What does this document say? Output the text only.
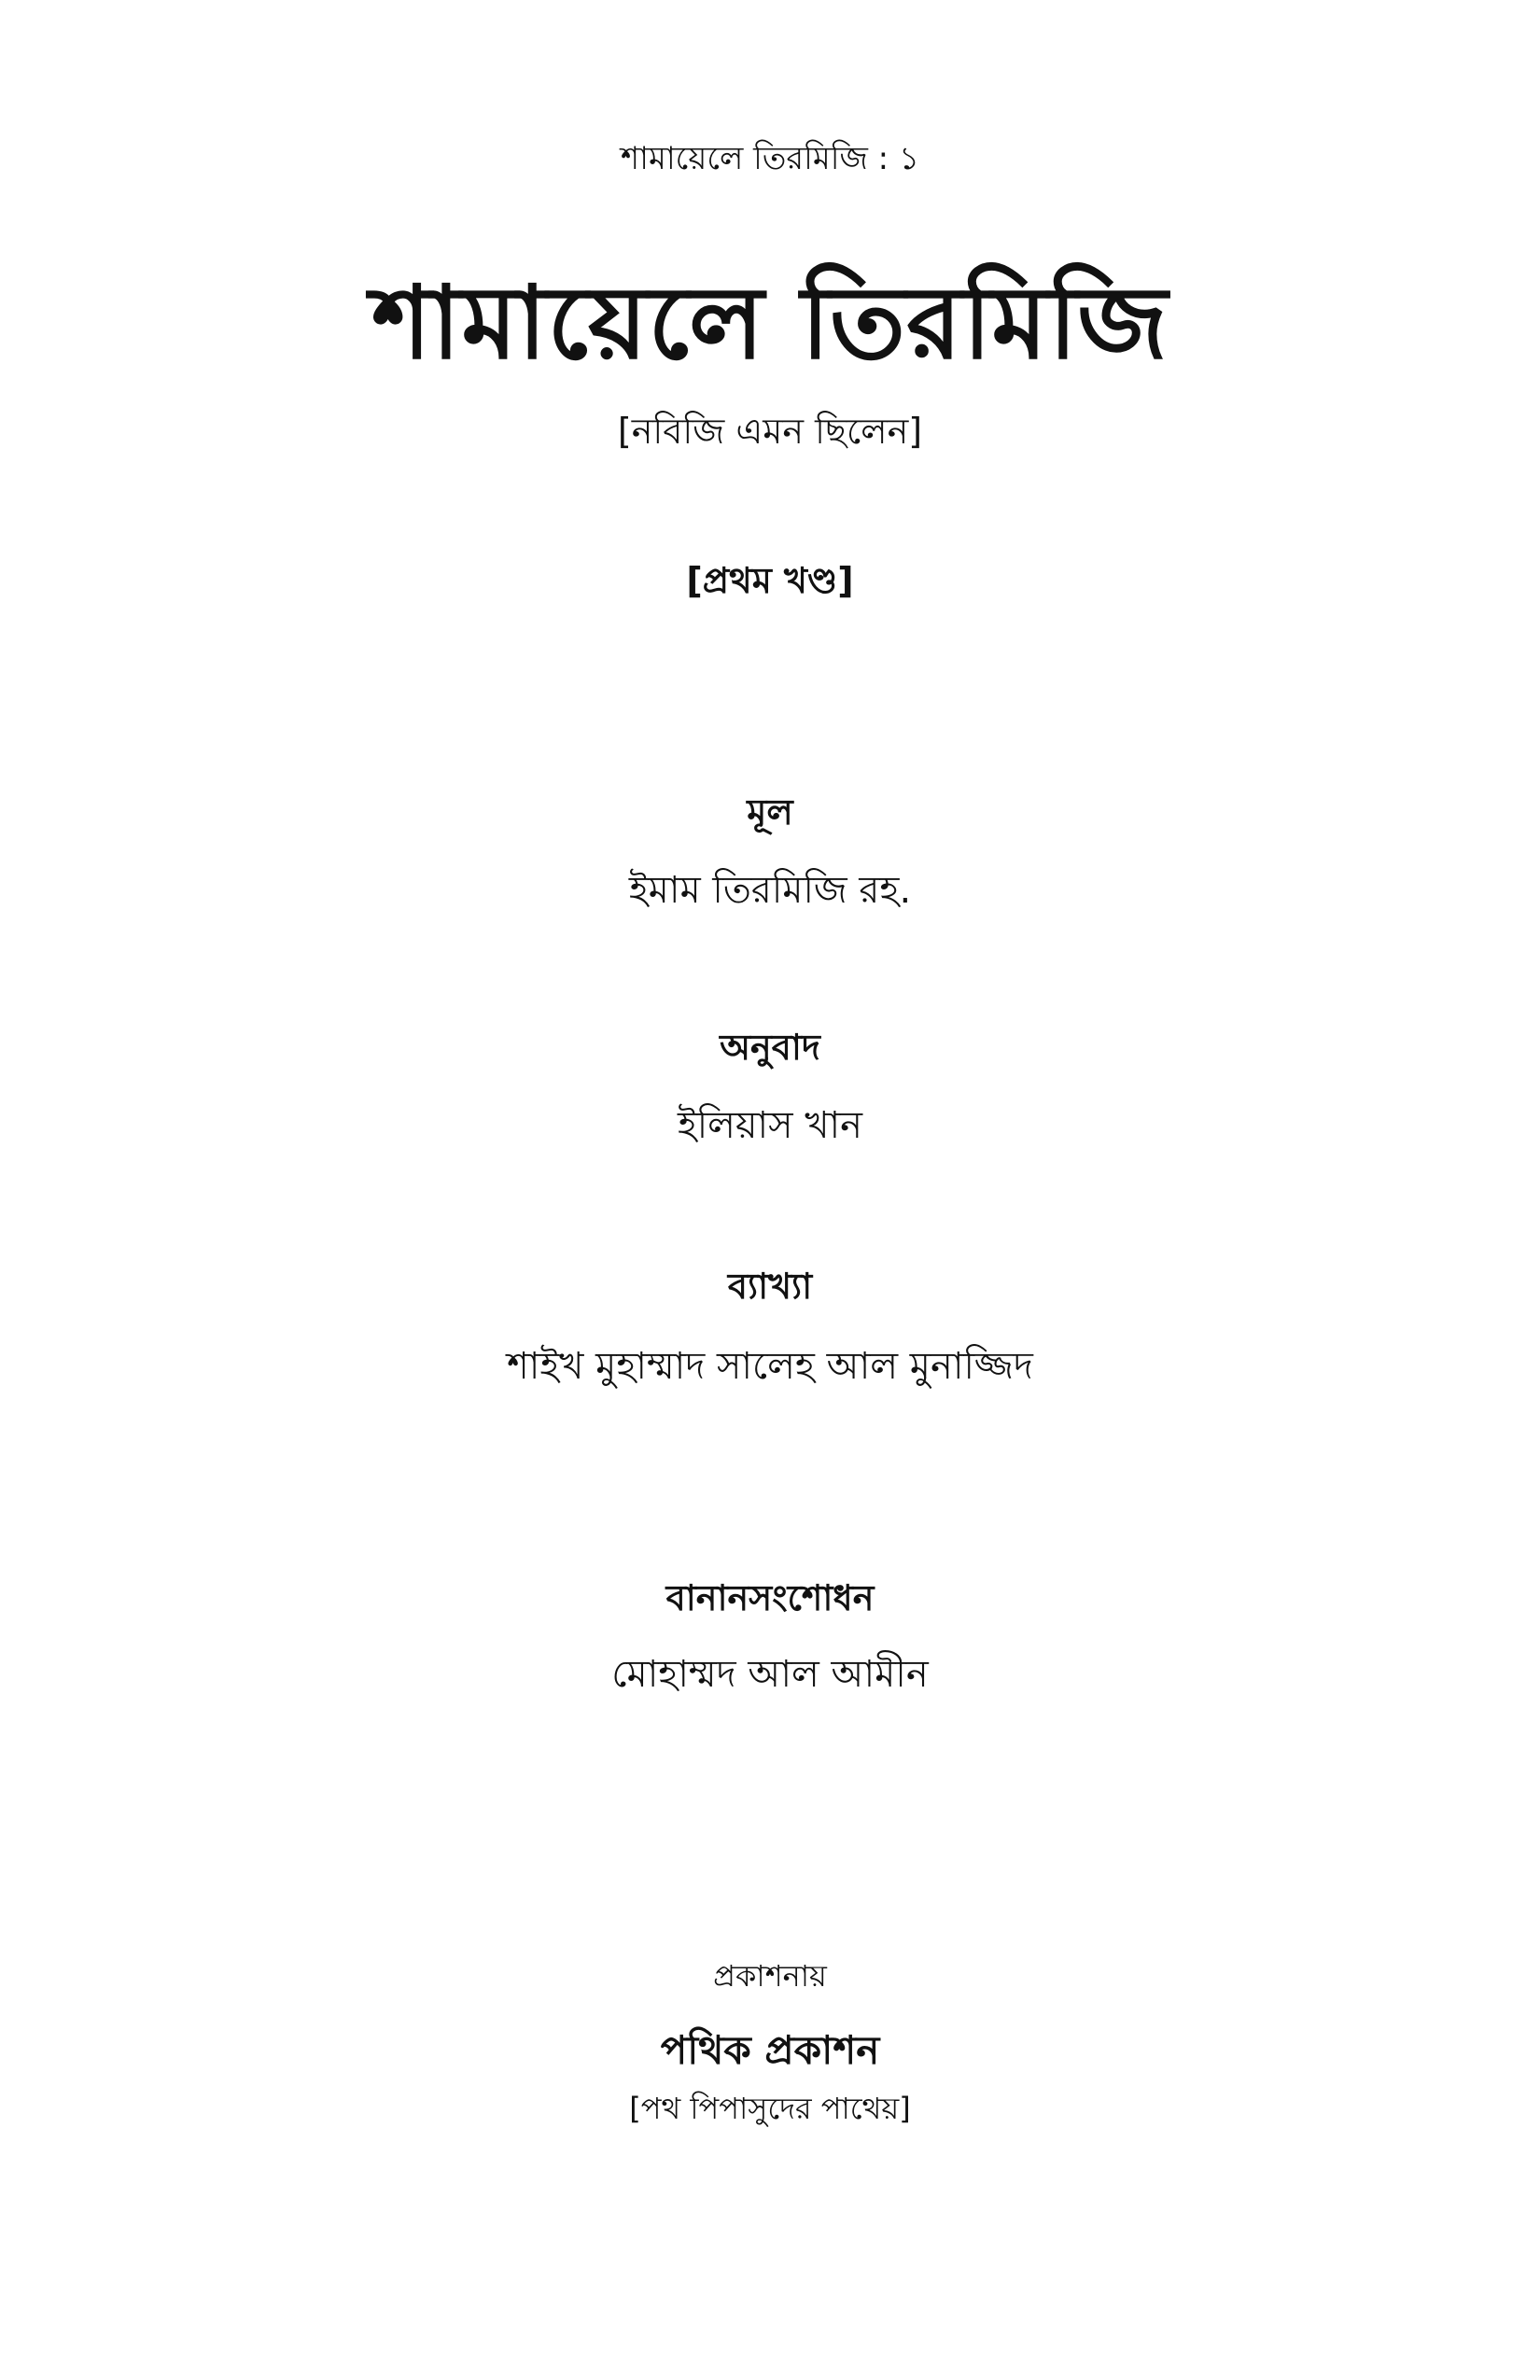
শামায়েলে তিরমিজি : ১
শামায়েলে তিরমিজি
[নবিজি এমন ছিলেন]
[প্রথম খণ্ড]
মূল
ইমাম তিরমিজি রহ.
অনুবাদ
ইলিয়াস খান
ব্যাখ্যা
শাইখ মুহাম্মাদ সালেহ আল মুনাজ্জিদ
বানানসংশোধন
মোহাম্মদ আল আমীন
প্রকাশনায়
পথিক প্রকাশন
[পথ পিপাসুদের পাথেয়]
